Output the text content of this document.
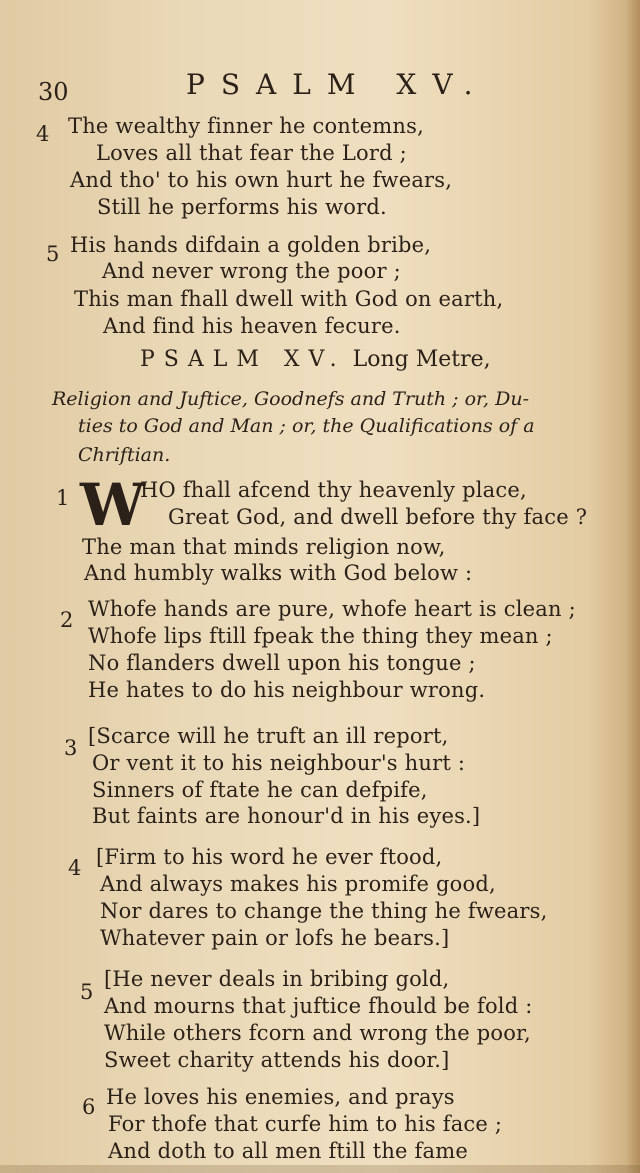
30	PSALM XV.
4 The wealthy finner he contemns,
Loves all that fear the Lord ;
And tho' to his own hurt he fwears,
Still he performs his word.
5 His hands difdain a golden bribe,
And never wrong the poor ;
This man fhall dwell with God on earth,
And find his heaven fecure.
PSALM XV. Long Metre,
Religion and Juftice, Goodnefs and Truth ; or, Du-
ties to God and Man ; or, the Qualifications of a
Chriftian.
1 W
HO fhall afcend thy heavenly place,
Great God, and dwell before thy face ?
The man that minds religion now,
And humbly walks with God below :
2 Whofe hands are pure, whofe heart is clean ;
Whofe lips ftill fpeak the thing they mean ;
No flanders dwell upon his tongue ;
He hates to do his neighbour wrong.
3 [Scarce will he truft an ill report,
Or vent it to his neighbour's hurt :
Sinners of ftate he can defpife,
But faints are honour'd in his eyes.]
4 [Firm to his word he ever ftood,
And always makes his promife good,
Nor dares to change the thing he fwears,
Whatever pain or lofs he bears.]
5
[He never deals in bribing gold,
And mourns that juftice fhould be fold :
While others fcorn and wrong the poor,
Sweet charity attends his door.]
6 He loves his enemies, and prays
For thofe that curfe him to his face ;
And doth to all men ftill the fame
